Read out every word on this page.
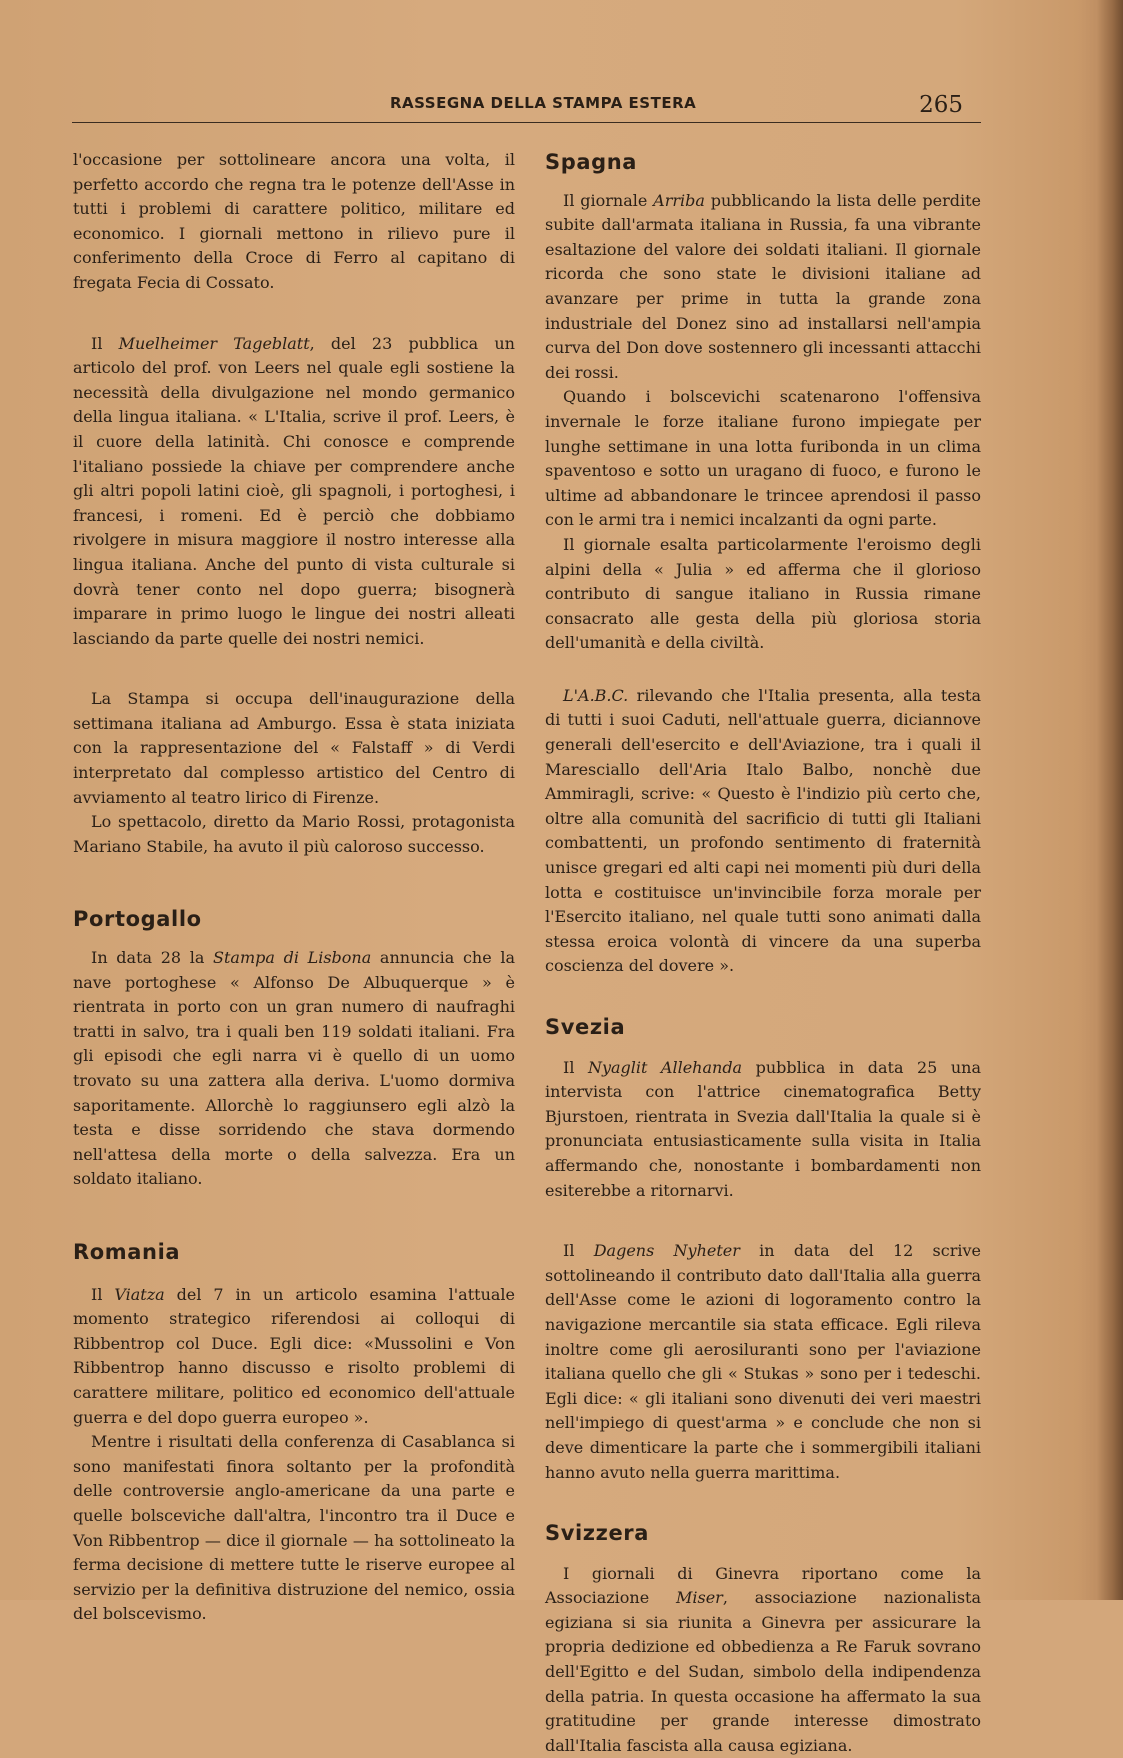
RASSEGNA DELLA STAMPA ESTERA	265

l'occasione per sottolineare ancora una volta, il perfetto accordo che regna tra le potenze dell'Asse in tutti i problemi di carattere politico, militare ed economico. I giornali mettono in rilievo pure il conferimento della Croce di Ferro al capitano di fregata Fecia di Cossato.

Il Muelheimer Tageblatt, del 23 pubblica un articolo del prof. von Leers nel quale egli sostiene la necessità della divulgazione nel mondo germanico della lingua italiana. « L'Italia, scrive il prof. Leers, è il cuore della latinità. Chi conosce e comprende l'italiano possiede la chiave per comprendere anche gli altri popoli latini cioè, gli spagnoli, i portoghesi, i francesi, i romeni. Ed è perciò che dobbiamo rivolgere in misura maggiore il nostro interesse alla lingua italiana. Anche del punto di vista culturale si dovrà tener conto nel dopo guerra; bisognerà imparare in primo luogo le lingue dei nostri alleati lasciando da parte quelle dei nostri nemici.

La Stampa si occupa dell'inaugurazione della settimana italiana ad Amburgo. Essa è stata iniziata con la rappresentazione del « Falstaff » di Verdi interpretato dal complesso artistico del Centro di avviamento al teatro lirico di Firenze.

Lo spettacolo, diretto da Mario Rossi, protagonista Mariano Stabile, ha avuto il più caloroso successo.

Portogallo

In data 28 la Stampa di Lisbona annuncia che la nave portoghese « Alfonso De Albuquerque » è rientrata in porto con un gran numero di naufraghi tratti in salvo, tra i quali ben 119 soldati italiani. Fra gli episodi che egli narra vi è quello di un uomo trovato su una zattera alla deriva. L'uomo dormiva saporitamente. Allorchè lo raggiunsero egli alzò la testa e disse sorridendo che stava dormendo nell'attesa della morte o della salvezza. Era un soldato italiano.

Romania

Il Viatza del 7 in un articolo esamina l'attuale momento strategico riferendosi ai colloqui di Ribbentrop col Duce. Egli dice: «Mussolini e Von Ribbentrop hanno discusso e risolto problemi di carattere militare, politico ed economico dell'attuale guerra e del dopo guerra europeo ».

Mentre i risultati della conferenza di Casablanca si sono manifestati finora soltanto per la profondità delle controversie anglo-americane da una parte e quelle bolsceviche dall'altra, l'incontro tra il Duce e Von Ribbentrop — dice il giornale — ha sottolineato la ferma decisione di mettere tutte le riserve europee al servizio per la definitiva distruzione del nemico, ossia del bolscevismo.

Spagna

Il giornale Arriba pubblicando la lista delle perdite subite dall'armata italiana in Russia, fa una vibrante esaltazione del valore dei soldati italiani. Il giornale ricorda che sono state le divisioni italiane ad avanzare per prime in tutta la grande zona industriale del Donez sino ad installarsi nell'ampia curva del Don dove sostennero gli incessanti attacchi dei rossi.

Quando i bolscevichi scatenarono l'offensiva invernale le forze italiane furono impiegate per lunghe settimane in una lotta furibonda in un clima spaventoso e sotto un uragano di fuoco, e furono le ultime ad abbandonare le trincee aprendosi il passo con le armi tra i nemici incalzanti da ogni parte.

Il giornale esalta particolarmente l'eroismo degli alpini della « Julia » ed afferma che il glorioso contributo di sangue italiano in Russia rimane consacrato alle gesta della più gloriosa storia dell'umanità e della civiltà.

L'A.B.C. rilevando che l'Italia presenta, alla testa di tutti i suoi Caduti, nell'attuale guerra, diciannove generali dell'esercito e dell'Aviazione, tra i quali il Maresciallo dell'Aria Italo Balbo, nonchè due Ammiragli, scrive: « Questo è l'indizio più certo che, oltre alla comunità del sacrificio di tutti gli Italiani combattenti, un profondo sentimento di fraternità unisce gregari ed alti capi nei momenti più duri della lotta e costituisce un'invincibile forza morale per l'Esercito italiano, nel quale tutti sono animati dalla stessa eroica volontà di vincere da una superba coscienza del dovere ».

Svezia

Il Nyaglit Allehanda pubblica in data 25 una intervista con l'attrice cinematografica Betty Bjurstoen, rientrata in Svezia dall'Italia la quale si è pronunciata entusiasticamente sulla visita in Italia affermando che, nonostante i bombardamenti non esiterebbe a ritornarvi.

Il Dagens Nyheter in data del 12 scrive sottolineando il contributo dato dall'Italia alla guerra dell'Asse come le azioni di logoramento contro la navigazione mercantile sia stata efficace. Egli rileva inoltre come gli aerosiluranti sono per l'aviazione italiana quello che gli « Stukas » sono per i tedeschi. Egli dice: « gli italiani sono divenuti dei veri maestri nell'impiego di quest'arma » e conclude che non si deve dimenticare la parte che i sommergibili italiani hanno avuto nella guerra marittima.

Svizzera

I giornali di Ginevra riportano come la Associazione Miser, associazione nazionalista egiziana si sia riunita a Ginevra per assicurare la propria dedizione ed obbedienza a Re Faruk sovrano dell'Egitto e del Sudan, simbolo della indipendenza della patria. In questa occasione ha affermato la sua gratitudine per grande interesse dimostrato dall'Italia fascista alla causa egiziana.
